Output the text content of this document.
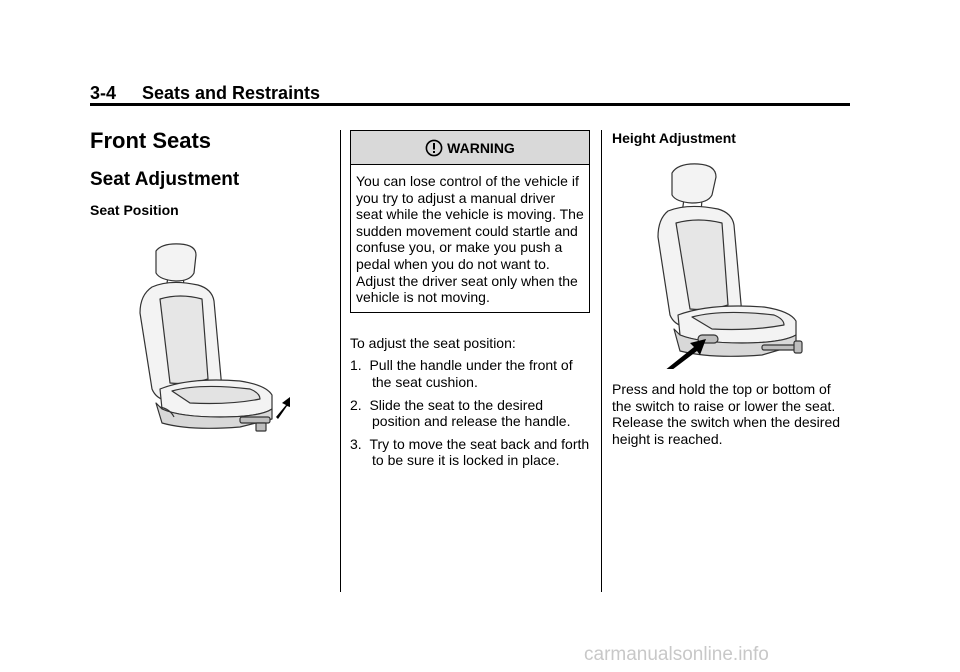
3-4 Seats and Restraints
Front Seats
Seat Adjustment
Seat Position
WARNING
You can lose control of the vehicle if you try to adjust a manual driver seat while the vehicle is moving. The sudden movement could startle and confuse you, or make you push a pedal when you do not want to. Adjust the driver seat only when the vehicle is not moving.

To adjust the seat position:

1. Pull the handle under the front of the seat cushion.
2. Slide the seat to the desired position and release the handle.
3. Try to move the seat back and forth to be sure it is locked in place.
Height Adjustment

Press and hold the top or bottom of the switch to raise or lower the seat. Release the switch when the desired height is reached.

carmanualsonline.info
